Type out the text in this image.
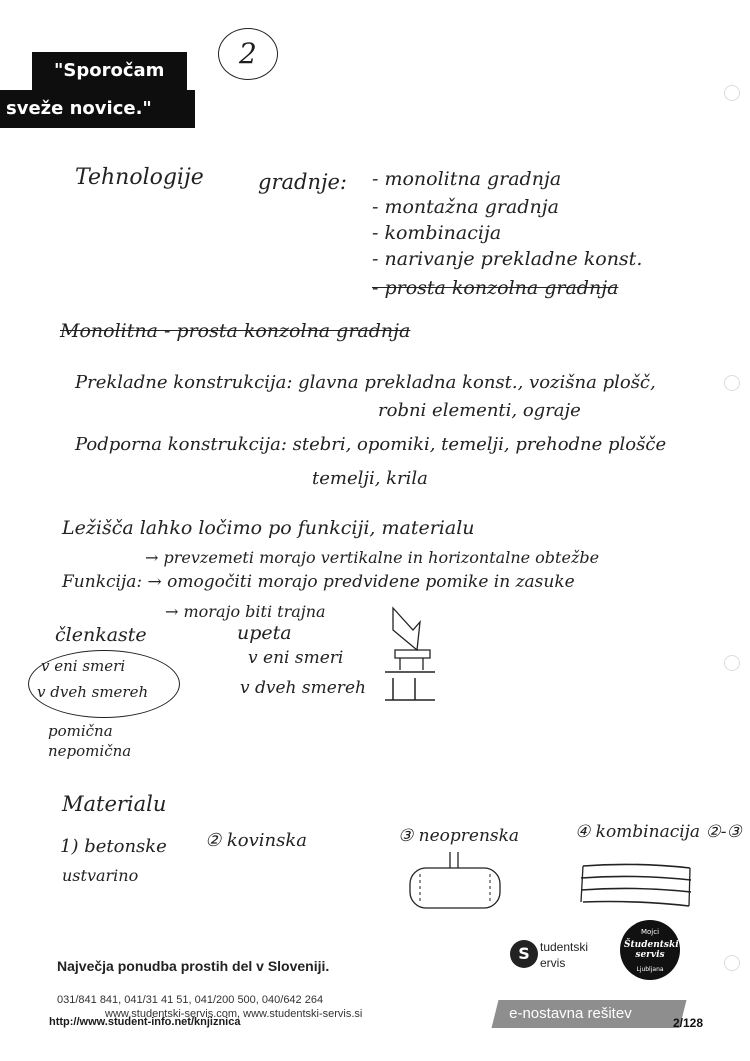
"Sporočam
sveže novice."
2
Tehnologije	gradnje: - monolitna gradnja
- montažna gradnja
- kombinacija
- narivanje prekladne konst.
- prosta konzolna gradnja
Monolitna - prosta konzolna gradnja
Prekladne konstrukcija: glavna prekladna konst., vozišna plošč,
robni elementi, ograje
Podporna konstrukcija: stebri, opomiki, temelji, prehodne plošče
temelji, krila
Ležišča lahko ločimo po funkciji, materialu
→ prevzemeti morajo vertikalne in horizontalne obtežbe
Funkcija: → omogočiti morajo predvidene pomike in zasuke
→ morajo biti trajna
členkaste	upeta
v eni smeri
v dveh smereh
v eni smeri
v dveh smereh
pomična
nepomična
Materialu
1) betonske
ustvarino
② kovinska	③ neoprenska	④ kombinacija ②-③
Največja ponudba prostih del v Sloveniji.
031/841 841, 041/31 41 51, 041/200 500, 040/642 264
www.studentski-servis.com, www.studentski-servis.si
http://www.student-info.net/knjiznica
S tudentski
ervis
Mojci
Študentski servis
Ljubljana
e-nostavna rešitev
2/128
